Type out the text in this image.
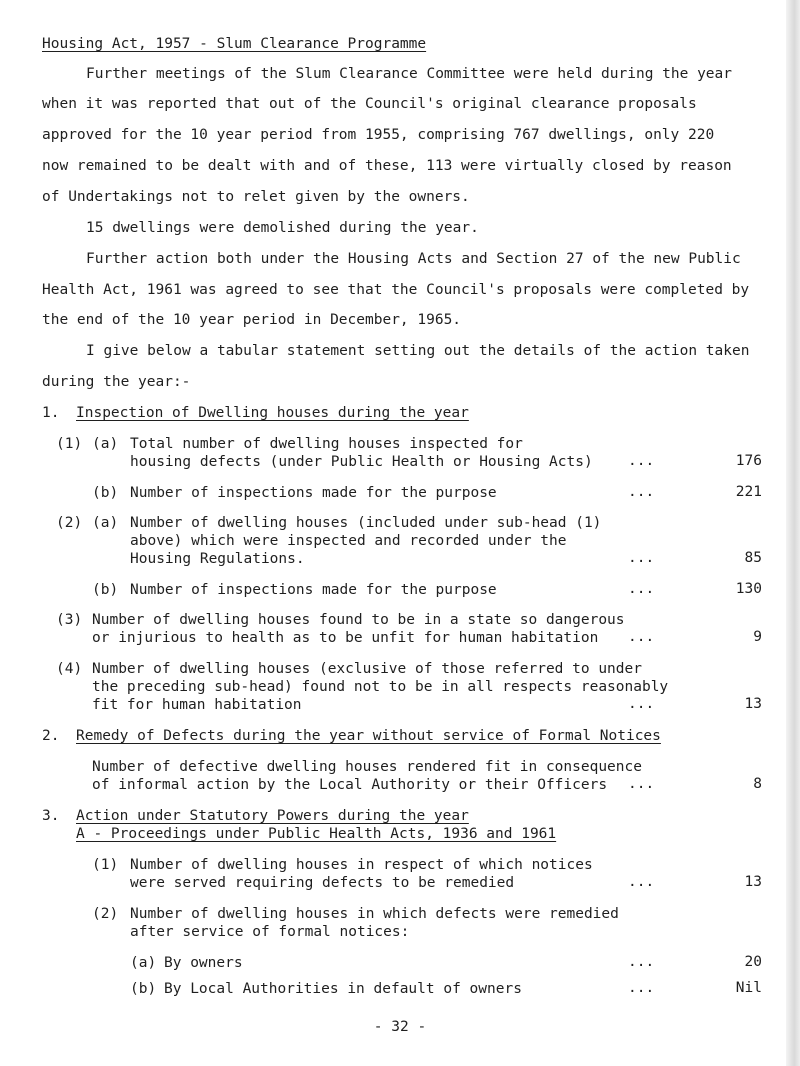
Housing Act, 1957 - Slum Clearance Programme
Further meetings of the Slum Clearance Committee were held during the year
when it was reported that out of the Council's original clearance proposals
approved for the 10 year period from 1955, comprising 767 dwellings, only 220
now remained to be dealt with and of these, 113 were virtually closed by reason
of Undertakings not to relet given by the owners.
15 dwellings were demolished during the year.
Further action both under the Housing Acts and Section 27 of the new Public
Health Act, 1961 was agreed to see that the Council's proposals were completed by
the end of the 10 year period in December, 1965.
I give below a tabular statement setting out the details of the action taken
during the year:-
1. Inspection of Dwelling houses during the year
(1) (a) Total number of dwelling houses inspected for
housing defects (under Public Health or Housing Acts) ...	176
(b) Number of inspections made for the purpose	...	221
(2) (a) Number of dwelling houses (included under sub-head (1)
above) which were inspected and recorded under the
Housing Regulations.	...	85
(b) Number of inspections made for the purpose	...	130
(3) Number of dwelling houses found to be in a state so dangerous
or injurious to health as to be unfit for human habitation ...	9
(4) Number of dwelling houses (exclusive of those referred to under
the preceding sub-head) found not to be in all respects reasonably
fit for human habitation	...	13
2. Remedy of Defects during the year without service of Formal Notices
Number of defective dwelling houses rendered fit in consequence
of informal action by the Local Authority or their Officers ...	8
3. Action under Statutory Powers during the year
A - Proceedings under Public Health Acts, 1936 and 1961
(1) Number of dwelling houses in respect of which notices
were served requiring defects to be remedied	...	13
(2) Number of dwelling houses in which defects were remedied
after service of formal notices:
(a) By owners	...	20
(b) By Local Authorities in default of owners	...	Nil
- 32 -
